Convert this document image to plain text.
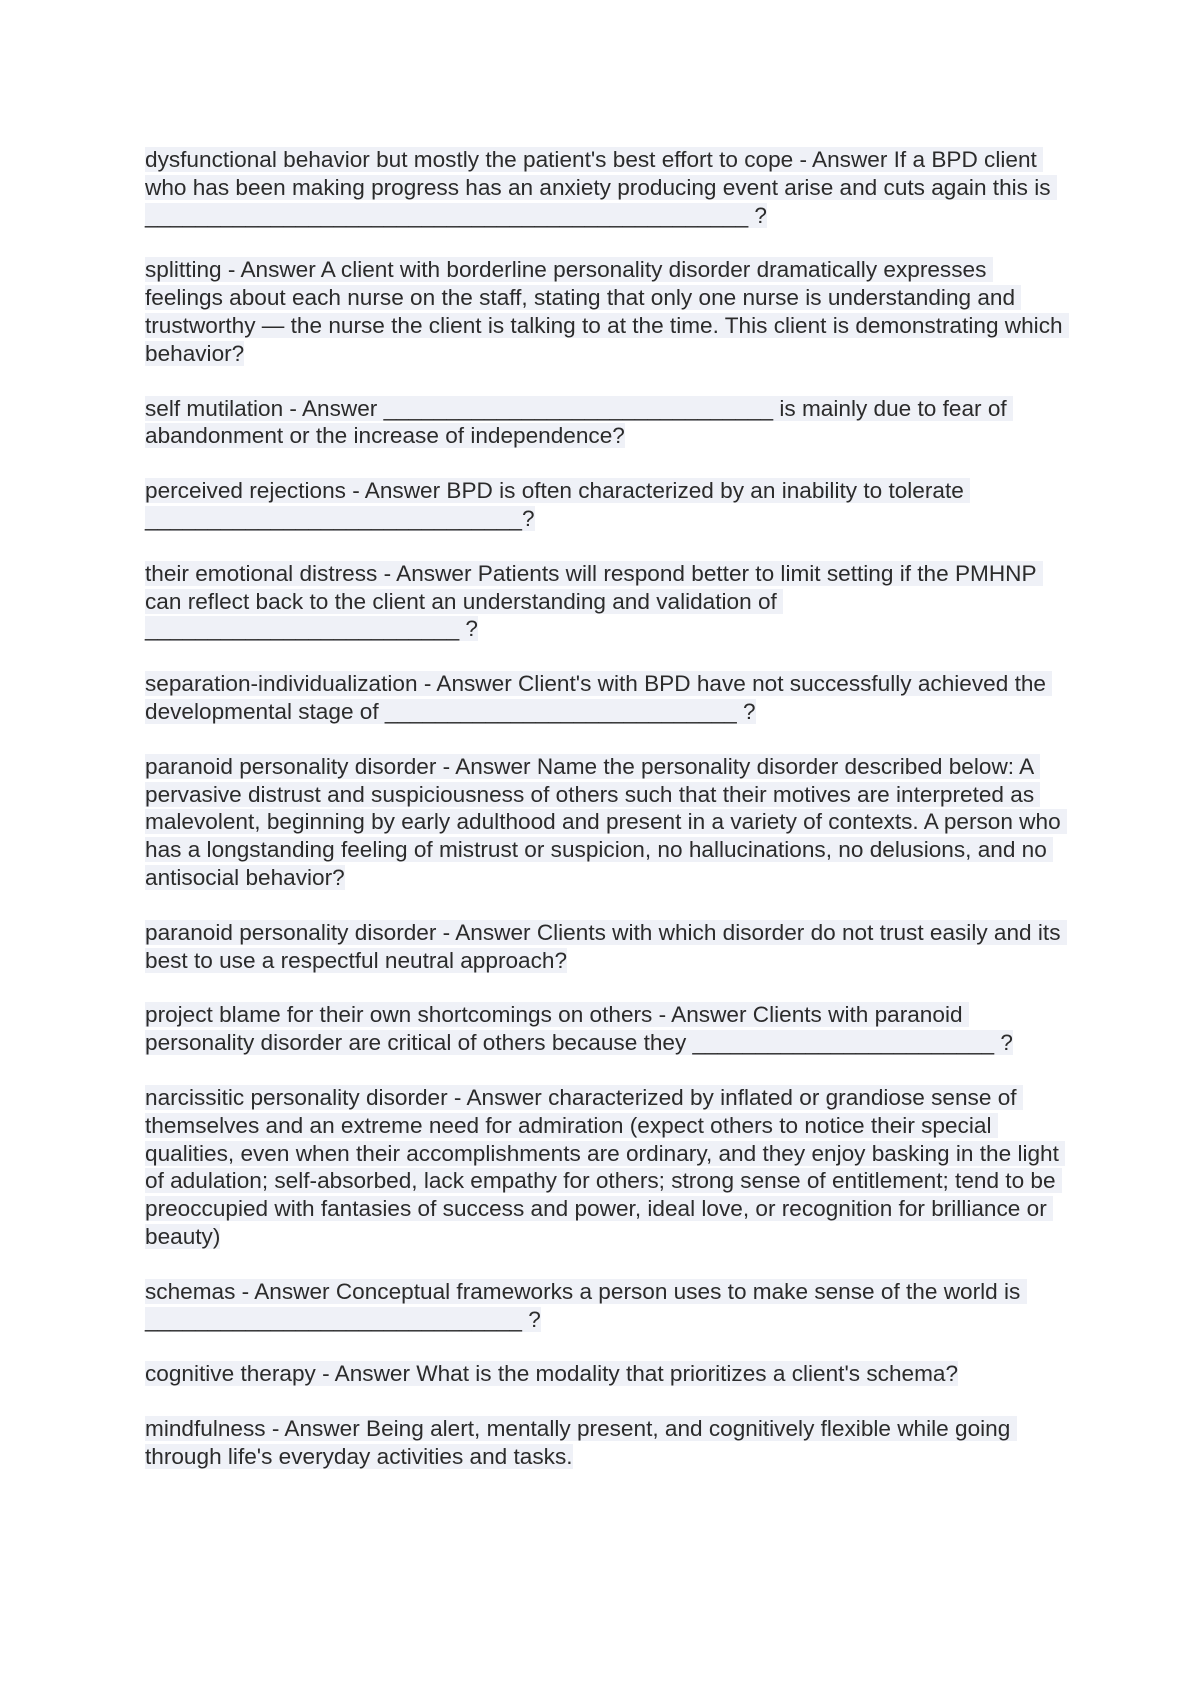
dysfunctional behavior but mostly the patient's best effort to cope - Answer If a BPD client who has been making progress has an anxiety producing event arise and cuts again this is ________________________________________________ ?

splitting - Answer A client with borderline personality disorder dramatically expresses feelings about each nurse on the staff, stating that only one nurse is understanding and trustworthy — the nurse the client is talking to at the time. This client is demonstrating which behavior?

self mutilation - Answer _______________________________ is mainly due to fear of abandonment or the increase of independence?

perceived rejections - Answer BPD is often characterized by an inability to tolerate ______________________________?

their emotional distress - Answer Patients will respond better to limit setting if the PMHNP can reflect back to the client an understanding and validation of _________________________ ?

separation-individualization - Answer Client's with BPD have not successfully achieved the developmental stage of ____________________________ ?

paranoid personality disorder - Answer Name the personality disorder described below: A pervasive distrust and suspiciousness of others such that their motives are interpreted as malevolent, beginning by early adulthood and present in a variety of contexts. A person who has a longstanding feeling of mistrust or suspicion, no hallucinations, no delusions, and no antisocial behavior?

paranoid personality disorder - Answer Clients with which disorder do not trust easily and its best to use a respectful neutral approach?

project blame for their own shortcomings on others - Answer Clients with paranoid personality disorder are critical of others because they ________________________ ?

narcissitic personality disorder - Answer characterized by inflated or grandiose sense of themselves and an extreme need for admiration (expect others to notice their special qualities, even when their accomplishments are ordinary, and they enjoy basking in the light of adulation; self-absorbed, lack empathy for others; strong sense of entitlement; tend to be preoccupied with fantasies of success and power, ideal love, or recognition for brilliance or beauty)

schemas - Answer Conceptual frameworks a person uses to make sense of the world is ______________________________ ?

cognitive therapy - Answer What is the modality that prioritizes a client's schema?

mindfulness - Answer Being alert, mentally present, and cognitively flexible while going through life's everyday activities and tasks.
